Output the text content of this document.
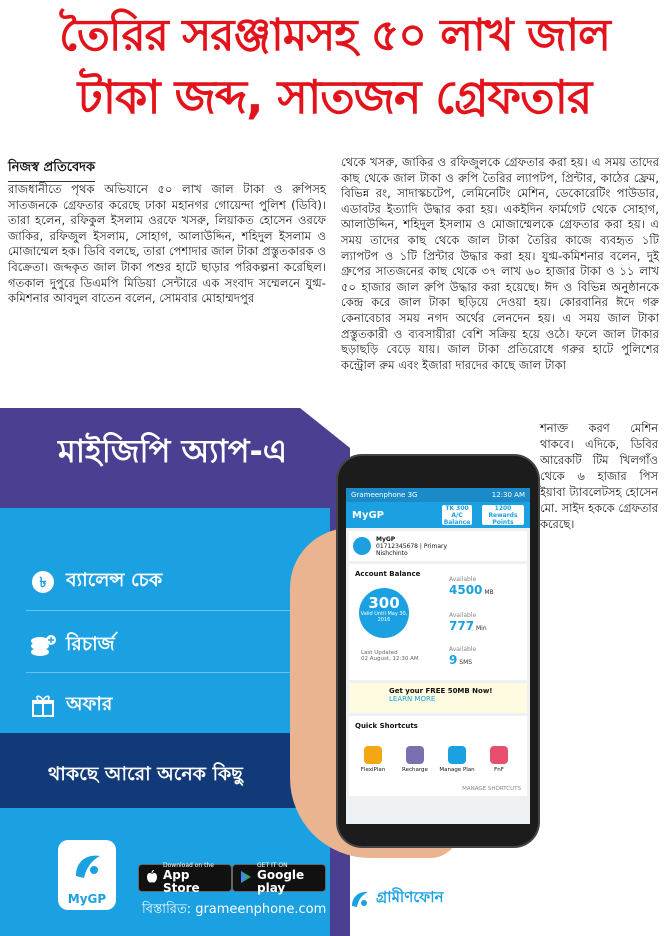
তৈরির সরঞ্জামসহ ৫০ লাখ জাল
টাকা জব্দ, সাতজন গ্রেফতার
নিজস্ব প্রতিবেদক
রাজধানীতে পৃথক অভিযানে ৫০ লাখ জাল টাকা ও রুপিসহ সাতজনকে গ্রেফতার করেছে ঢাকা মহানগর গোয়েন্দা পুলিশ (ডিবি)। তারা হলেন, রফিকুল ইসলাম ওরফে খসরু, লিয়াকত হোসেন ওরফে জাকির, রফিজুল ইসলাম, সোহাগ, আলাউদ্দিন, শহিদুল ইসলাম ও মোজাম্মেল হক। ডিবি বলছে, তারা পেশাদার জাল টাকা প্রস্তুতকারক ও বিক্রেতা। জব্দকৃত জাল টাকা পশুর হাটে ছাড়ার পরিকল্পনা করেছিল। গতকাল দুপুরে ডিএমপি মিডিয়া সেন্টারে এক সংবাদ সম্মেলনে যুগ্ম-কমিশনার আবদুল বাতেন বলেন, সোমবার মোহাম্মদপুর
থেকে খসরু, জাকির ও রফিজুলকে গ্রেফতার করা হয়। এ সময় তাদের কাছ থেকে জাল টাকা ও রুপি তৈরির ল্যাপটপ, প্রিন্টার, কাঠের ফ্রেম, বিভিন্ন রং, সাদাস্কচটেপ, লেমিনেটিং মেশিন, ডেকোরেটিং পাউডার, এডাবটর ইত্যাদি উদ্ধার করা হয়। একইদিন ফার্মগেট থেকে সোহাগ, আলাউদ্দিন, শহিদুল ইসলাম ও মোজাম্মেলকে গ্রেফতার করা হয়। এ সময় তাদের কাছ থেকে জাল টাকা তৈরির কাজে ব্যবহৃত ১টি ল্যাপটপ ও ১টি প্রিন্টার উদ্ধার করা হয়। যুগ্ম-কমিশনার বলেন, দুই গ্রুপের সাতজনের কাছ থেকে ৩৭ লাখ ৬০ হাজার টাকা ও ১১ লাখ ৫০ হাজার জাল রুপি উদ্ধার করা হয়েছে। ঈদ ও বিভিন্ন অনুষ্ঠানকে কেন্দ্র করে জাল টাকা ছড়িয়ে দেওয়া হয়। কোরবানির ঈদে গরু কেনাবেচার সময় নগদ অর্থের লেনদেন হয়। এ সময় জাল টাকা প্রস্তুতকারী ও ব্যবসায়ীরা বেশি সক্রিয় হয়ে ওঠে। ফলে জাল টাকার ছড়াছড়ি বেড়ে যায়। জাল টাকা প্রতিরোধে গরুর হাটে পুলিশের কন্ট্রোল রুম এবং ইজারা দারদের কাছে জাল টাকা
মাইজিপি অ্যাপ-এ
৳ ব্যালেন্স চেক
রিচার্জ
অফার
থাকছে আরো অনেক কিছু
MyGP
Download on the
App Store
GET IT ON
Google play
বিস্তারিত: grameenphone.com
গ্রামীণফোন
Grameenphone 3G	12:30 AM
MyGP
TK 300
A/C Balance
1200
Rewards Points
MyGP
01712345678 | Primary
Nishchinto
Account Balance
300
Valid Until May 30, 2016
Last Updated
02 August, 12:30 AM
Available
4500 MB
Available
777 Min
Available
9 SMS
Get your FREE 50MB Now!
LEARN MORE
Quick Shortcuts
FlexiPlan	Recharge	Manage Plan	FnF
MANAGE SHORTCUTS
শনাক্ত করণ মেশিন থাকবে। এদিকে, ডিবির আরেকটি টিম খিলগাঁও থেকে ৬ হাজার পিস ইয়াবা ট্যাবলেটসহ হোসেন মো. সাইদ হককে গ্রেফতার করেছে।
